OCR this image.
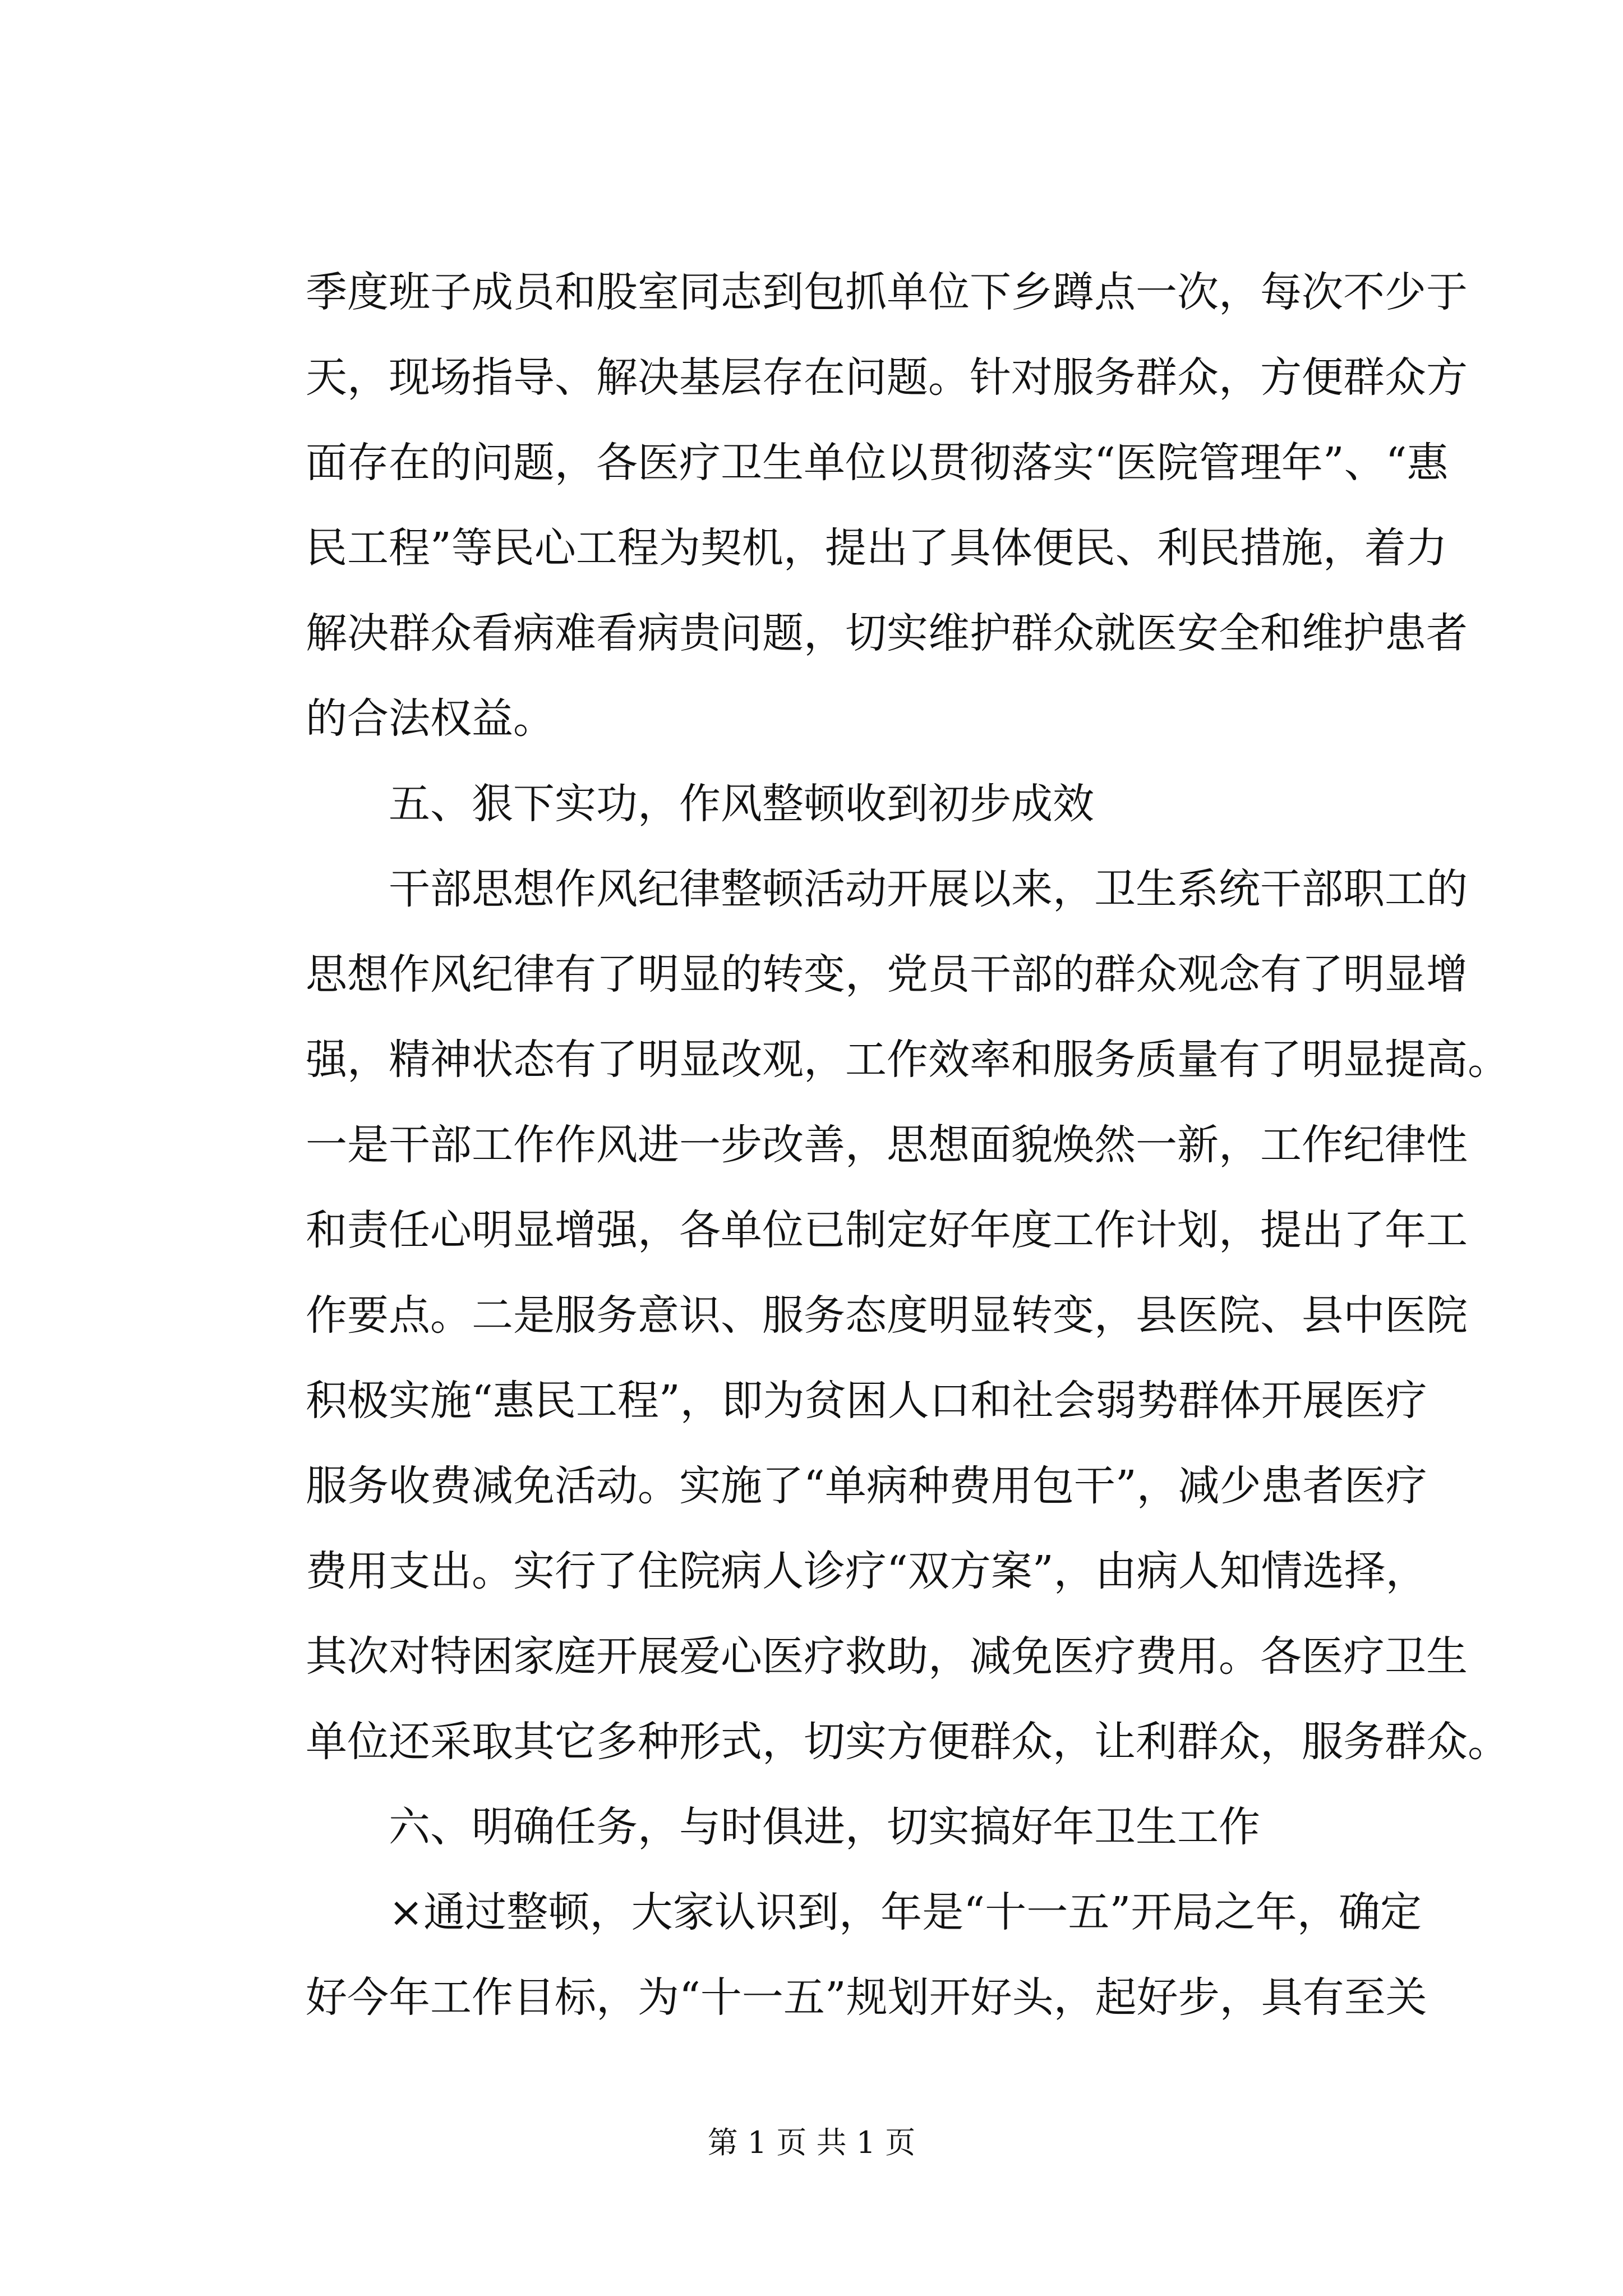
季度班子成员和股室同志到包抓单位下乡蹲点一次，每次不少于
天，现场指导、解决基层存在问题。针对服务群众，方便群众方
面存在的问题，各医疗卫生单位以贯彻落实“医院管理年”、“惠
民工程”等民心工程为契机，提出了具体便民、利民措施，着力
解决群众看病难看病贵问题，切实维护群众就医安全和维护患者
的合法权益。
五、狠下实功，作风整顿收到初步成效
干部思想作风纪律整顿活动开展以来，卫生系统干部职工的
思想作风纪律有了明显的转变，党员干部的群众观念有了明显增
强，精神状态有了明显改观，工作效率和服务质量有了明显提高。
一是干部工作作风进一步改善，思想面貌焕然一新，工作纪律性
和责任心明显增强，各单位已制定好年度工作计划，提出了年工
作要点。二是服务意识、服务态度明显转变，县医院、县中医院
积极实施“惠民工程”，即为贫困人口和社会弱势群体开展医疗
服务收费减免活动。实施了“单病种费用包干”，减少患者医疗
费用支出。实行了住院病人诊疗“双方案”，由病人知情选择，
其次对特困家庭开展爱心医疗救助，减免医疗费用。各医疗卫生
单位还采取其它多种形式，切实方便群众，让利群众，服务群众。
六、明确任务，与时俱进，切实搞好年卫生工作
×通过整顿，大家认识到，年是“十一五”开局之年，确定
好今年工作目标，为“十一五”规划开好头，起好步，具有至关
第 1 页 共 1 页
